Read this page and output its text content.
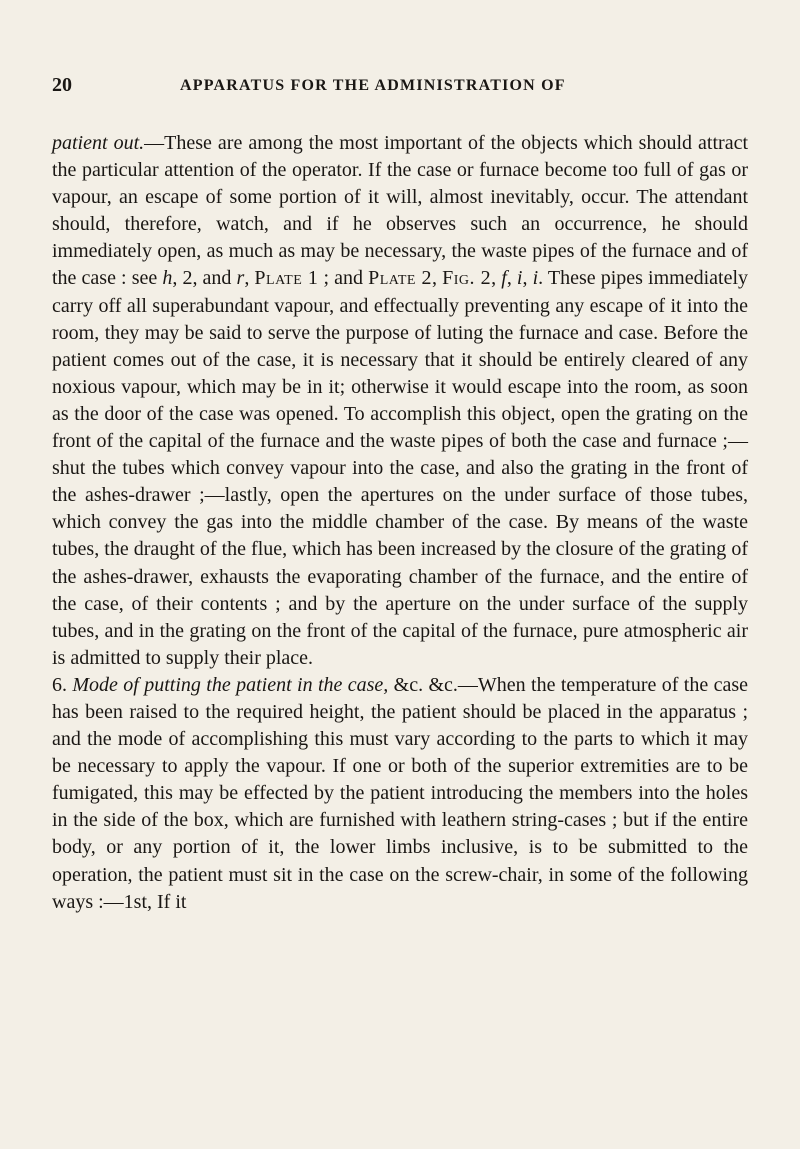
20	APPARATUS FOR THE ADMINISTRATION OF

patient out.—These are among the most important of the objects which should attract the particular attention of the operator. If the case or furnace become too full of gas or vapour, an escape of some portion of it will, almost inevitably, occur. The attendant should, therefore, watch, and if he observes such an occurrence, he should immediately open, as much as may be necessary, the waste pipes of the furnace and of the case : see h, 2, and r, Plate 1 ; and Plate 2, Fig. 2, f, i, i. These pipes immediately carry off all superabundant vapour, and effectually preventing any escape of it into the room, they may be said to serve the purpose of luting the furnace and case. Before the patient comes out of the case, it is necessary that it should be entirely cleared of any noxious vapour, which may be in it; otherwise it would escape into the room, as soon as the door of the case was opened. To accomplish this object, open the grating on the front of the capital of the furnace and the waste pipes of both the case and furnace ;—shut the tubes which convey vapour into the case, and also the grating in the front of the ashes-drawer ;—lastly, open the apertures on the under surface of those tubes, which convey the gas into the middle chamber of the case. By means of the waste tubes, the draught of the flue, which has been increased by the closure of the grating of the ashes-drawer, exhausts the evaporating chamber of the furnace, and the entire of the case, of their contents ; and by the aperture on the under surface of the supply tubes, and in the grating on the front of the capital of the furnace, pure atmospheric air is admitted to supply their place.

6. Mode of putting the patient in the case, &c. &c.—When the temperature of the case has been raised to the required height, the patient should be placed in the apparatus ; and the mode of accomplishing this must vary according to the parts to which it may be necessary to apply the vapour. If one or both of the superior extremities are to be fumigated, this may be effected by the patient introducing the members into the holes in the side of the box, which are furnished with leathern string-cases ; but if the entire body, or any portion of it, the lower limbs inclusive, is to be submitted to the operation, the patient must sit in the case on the screw-chair, in some of the following ways :—1st, If it
